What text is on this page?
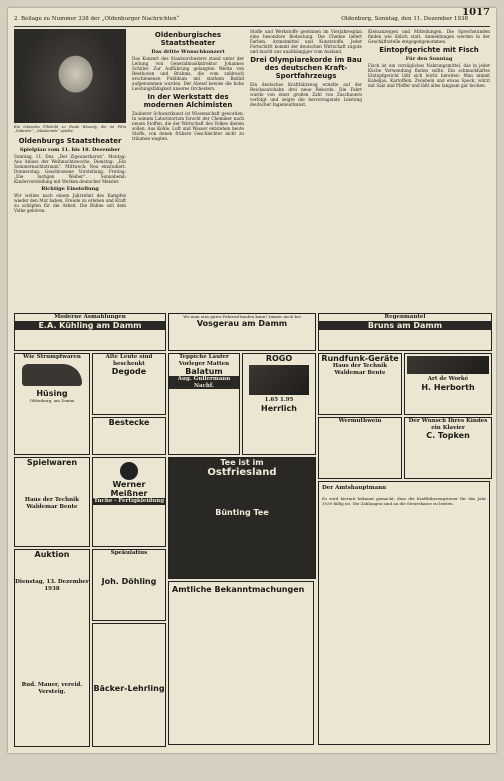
2. Beilage zu Nummer 338 der „Oldenburger Nachrichten“	Oldenburg, Sonntag, den 11. Dezember 1938
1017
Ein lebendes Filmbild zu Paula Wessely, die im Film „Gabriele“, „Maskerade“ spielte.
Oldenburgs Staatstheater
Spielplan vom 11. bis 18. Dezember

Sonntag, 11. Dez. „Der Zigeunerbaron“. Montag: Aus Anlass der Weihnachtswoche. Dienstag: „Ein Sommernachtstraum“. Mittwoch: Neu einstudiert. Donnerstag: Geschlossene Vorstellung. Freitag: „Die lustigen Weiber“. Sonnabend: Kindervorstellung mit Werken deutscher Meister.

Richtige Einstellung

Wir wollen nach einem Jahrzehnt des Kampfes wieder den Mut haben, Freude zu erleben und Kraft zu schöpfen für die Arbeit. Die Bühne soll dem Volke gehören.

Oldenburgisches Staatstheater
Das dritte Wunschkonzert

Das Konzert des Staatsorchesters stand unter der Leitung von Generalmusikdirektor Johannes Schüler. Zur Aufführung gelangten Werke von Beethoven und Brahms, die vom zahlreich erschienenen Publikum mit starkem Beifall aufgenommen wurden. Der Abend bewies die hohe Leistungsfähigkeit unseres Orchesters.

In der Werkstatt des modernen Alchimisten

Zauberer Schwarzkunst ist Wissenschaft geworden. In seinem Laboratorium forscht der Chemiker nach neuen Stoffen, die der Wirtschaft des Volkes dienen sollen. Aus Kohle, Luft und Wasser entstehen heute Stoffe, von denen frühere Geschlechter nicht zu träumen wagten.

Stoffe und Werkstoffe gewinnen im Vierjahresplan eine besondere Bedeutung. Die Chemie liefert Farben, Arzneimittel und Kunststoffe. Jeder Fortschritt kommt der deutschen Wirtschaft zugute und macht uns unabhängiger vom Ausland.

Drei Olympiarekorde im Bau des deutschen Kraft-Sportfahrzeugs

Ein deutsches Kraftfahrzeug erzielte auf der Reichsautobahn drei neue Rekorde. Die Fahrt wurde von einer großen Zahl von Zuschauern verfolgt und zeigte die hervorragende Leistung deutscher Ingenieurkunst.

Kleinanzeigen und Mitteilungen. Die Sprechstunden finden wie üblich statt. Anmeldungen werden in der Geschäftsstelle entgegengenommen.

Eintopfgerichte mit Fisch
Für den Sonntag

Fisch ist ein vorzügliches Nahrungsmittel, das in jeder Küche Verwendung finden sollte. Ein schmackhaftes Eintopfgericht läßt sich leicht bereiten: Man nimmt Kabeljau, Kartoffeln, Zwiebeln und etwas Speck, würzt mit Salz und Pfeffer und läßt alles langsam gar kochen.

Moderne Asmahlungen
E.A. Kühling am Damm
Wo man eins gutes Fahrrad kaufen kann? Immer noch bei
Vosgerau am Damm
Regenmäntel
Bruns am Damm
Wie Strumpfwaren
Hüsing
Oldenburg, am Damm
Alte Leute sind beschenkt
Degode
Teppiche Läufer Vorleger Matten
Balatum
Aug. Gullermann Nachf.
ROGO
1.65 1.95
Herrlich
Rundfunk-Geräte
Haus der Technik Waldemar Bente
Art de Worké
H. Herborth
Bestecke
Spielwaren
Haus der Technik Waldemar Bente
Werner Meißner
Tuche - Fertigkleidung
Tee ist im
Ostfriesland
Bünting Tee
Wermuthwein	Der Wunsch Ihres Kindes ein Klavier
C. Topken
Der Amtshauptmann

Es wird hiermit bekannt gemacht, dass die Kraftfahrzeugsteuer für das Jahr 1939 fällig ist. Die Zahlungen sind an die Steuerkasse zu leisten.

Auktion
Dienstag, 13. Dezember 1938
Rud. Mauer, vereid. Versteig.
Spekulatius
Joh. Döhling
Bäcker-Lehrling
Amtliche Bekanntmachungen
